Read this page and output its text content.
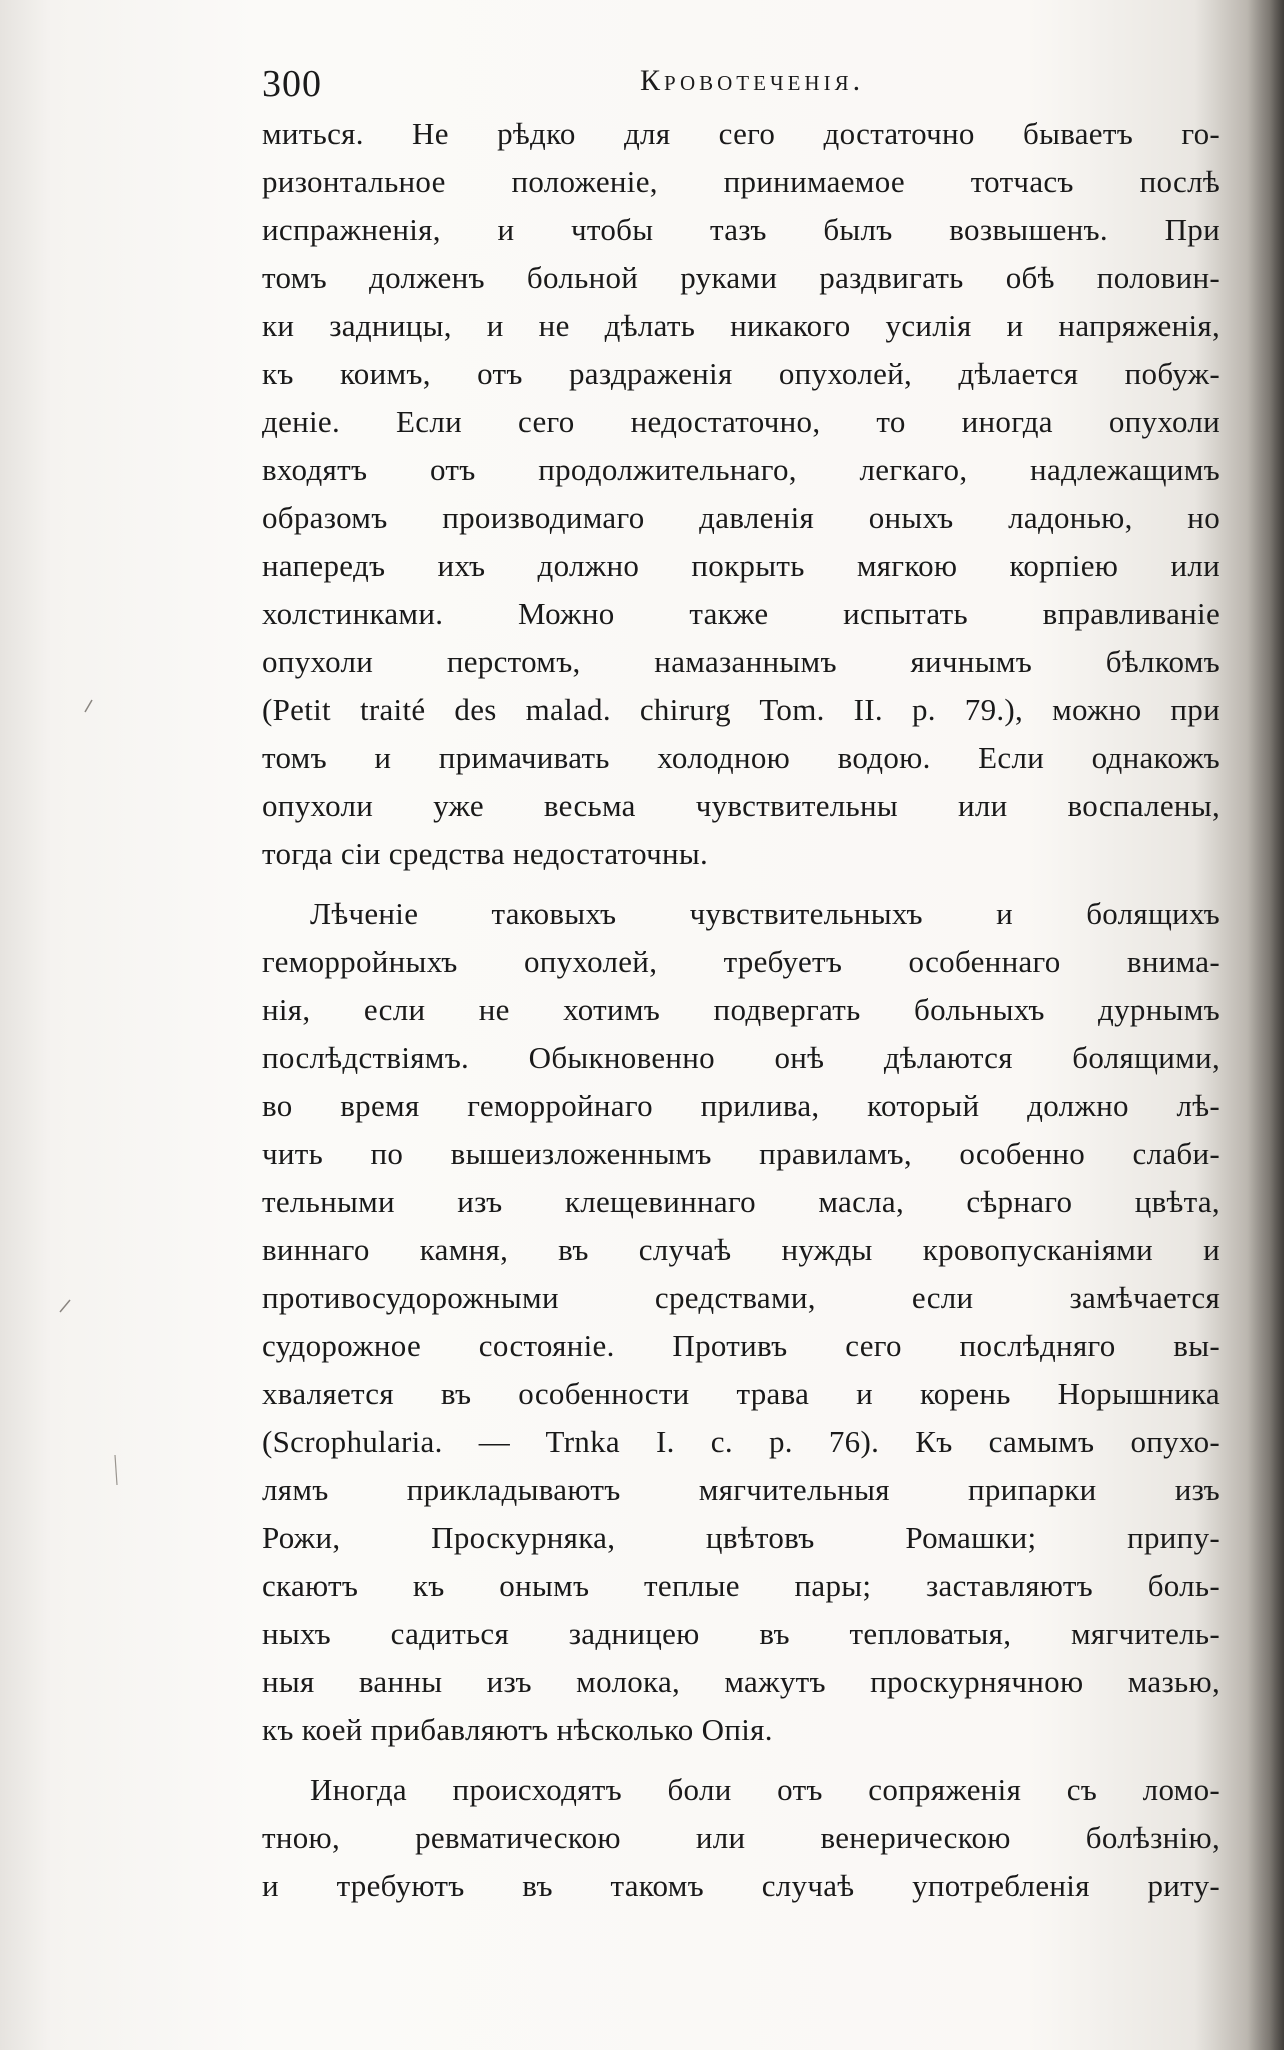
300	Кровотеченiя.
миться. Не рѣдко для сего достаточно бываетъ го-
ризонтальное положенiе, принимаемое тотчасъ послѣ
испражненiя, и чтобы тазъ былъ возвышенъ. При
томъ долженъ больной руками раздвигать обѣ половин-
ки задницы, и не дѣлать никакого усилiя и напряженiя,
къ коимъ, отъ раздраженiя опухолей, дѣлается побуж-
денiе. Если сего недостаточно, то иногда опухоли
входятъ отъ продолжительнаго, легкаго, надлежащимъ
образомъ производимаго давленiя оныхъ ладонью, но
напередъ ихъ должно покрыть мягкою корпiею или
холстинками. Можно также испытать вправливанiе
опухоли перстомъ, намазаннымъ яичнымъ бѣлкомъ
(Petit traité des malad. chirurg Tom. II. p. 79.), можно при
томъ и примачивать холодною водою. Если однакожъ
опухоли уже весьма чувствительны или воспалены,
тогда сiи средства недостаточны.
Лѣченiе таковыхъ чувствительныхъ и болящихъ
геморройныхъ опухолей, требуетъ особеннаго внима-
нiя, если не хотимъ подвергать больныхъ дурнымъ
послѣдствiямъ. Обыкновенно онѣ дѣлаются болящими,
во время геморройнаго прилива, который должно лѣ-
чить по вышеизложеннымъ правиламъ, особенно слаби-
тельными изъ клещевиннаго масла, сѣрнаго цвѣта,
виннаго камня, въ случаѣ нужды кровопусканiями и
противосудорожными средствами, если замѣчается
судорожное состоянiе. Противъ сего послѣдняго вы-
хваляется въ особенности трава и корень Норышника
(Scrophularia. — Trnka I. c. p. 76). Къ самымъ опухо-
лямъ прикладываютъ мягчительныя припарки изъ
Рожи, Проскурняка, цвѣтовъ Ромашки; припу-
скаютъ къ онымъ теплые пары; заставляютъ боль-
ныхъ садиться задницею въ тепловатыя, мягчитель-
ныя ванны изъ молока, мажутъ проскурнячною мазью,
къ коей прибавляютъ нѣсколько Опiя.
Иногда происходятъ боли отъ сопряженiя съ ломо-
тною, ревматическою или венерическою болѣзнiю,
и требуютъ въ такомъ случаѣ употребленiя риту-
